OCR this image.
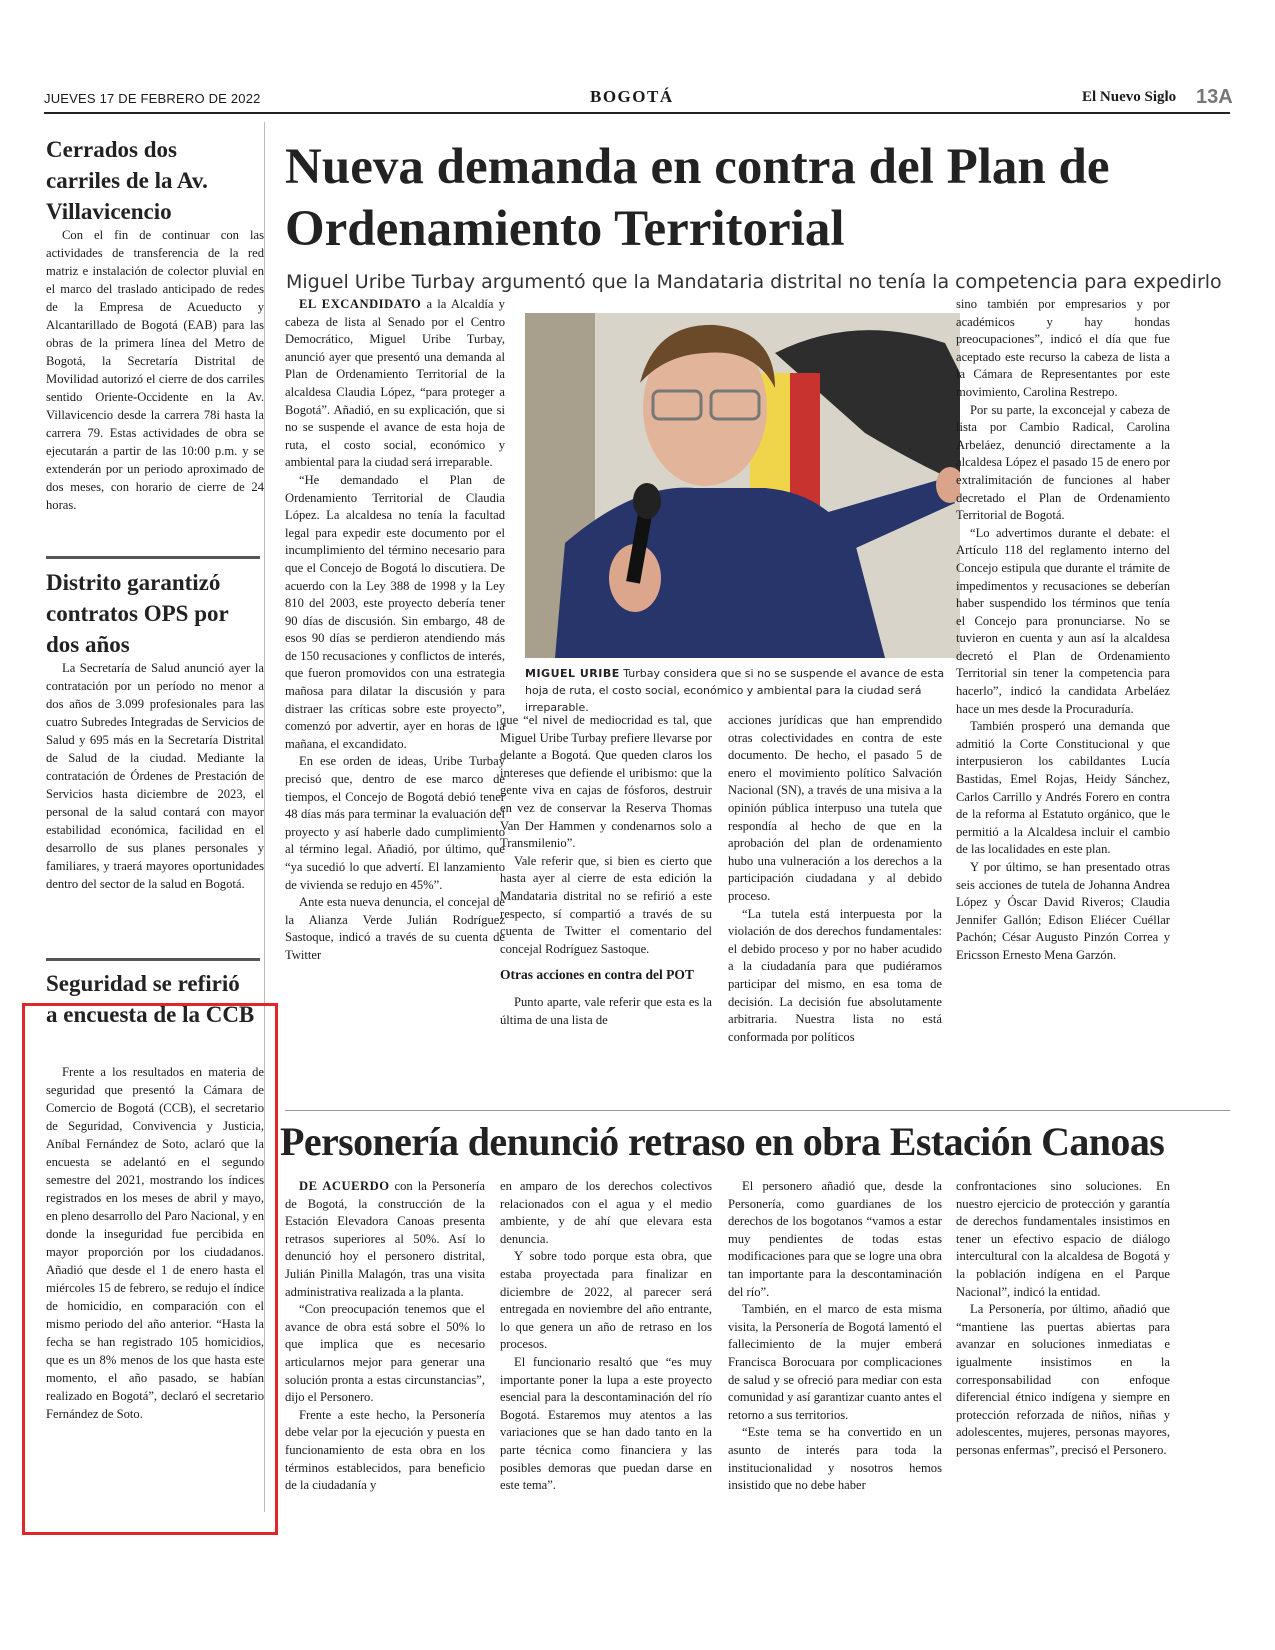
JUEVES 17 DE FEBRERO DE 2022	BOGOTÁ	El Nuevo Siglo 13A
Cerrados dos carriles de la Av. Villavicencio
Con el fin de continuar con las actividades de transferencia de la red matriz e instalación de colector pluvial en el marco del traslado anticipado de redes de la Empresa de Acueducto y Alcantarillado de Bogotá (EAB) para las obras de la primera línea del Metro de Bogotá, la Secretaría Distrital de Movilidad autorizó el cierre de dos carriles sentido Oriente-Occidente en la Av. Villavicencio desde la carrera 78i hasta la carrera 79. Estas actividades de obra se ejecutarán a partir de las 10:00 p.m. y se extenderán por un periodo aproximado de dos meses, con horario de cierre de 24 horas.
Distrito garantizó contratos OPS por dos años
La Secretaría de Salud anunció ayer la contratación por un período no menor a dos años de 3.099 profesionales para las cuatro Subredes Integradas de Servicios de Salud y 695 más en la Secretaría Distrital de Salud de la ciudad. Mediante la contratación de Órdenes de Prestación de Servicios hasta diciembre de 2023, el personal de la salud contará con mayor estabilidad económica, facilidad en el desarrollo de sus planes personales y familiares, y traerá mayores oportunidades dentro del sector de la salud en Bogotá.
Seguridad se refirió a encuesta de la CCB
Frente a los resultados en materia de seguridad que presentó la Cámara de Comercio de Bogotá (CCB), el secretario de Seguridad, Convivencia y Justicia, Aníbal Fernández de Soto, aclaró que la encuesta se adelantó en el segundo semestre del 2021, mostrando los índices registrados en los meses de abril y mayo, en pleno desarrollo del Paro Nacional, y en donde la inseguridad fue percibida en mayor proporción por los ciudadanos. Añadió que desde el 1 de enero hasta el miércoles 15 de febrero, se redujo el índice de homicidio, en comparación con el mismo periodo del año anterior. “Hasta la fecha se han registrado 105 homicidios, que es un 8% menos de los que hasta este momento, el año pasado, se habían realizado en Bogotá”, declaró el secretario Fernández de Soto.
Nueva demanda en contra del Plan de Ordenamiento Territorial
Miguel Uribe Turbay argumentó que la Mandataria distrital no tenía la competencia para expedirlo

EL EXCANDIDATO a la Alcaldía y cabeza de lista al Senado por el Centro Democrático, Miguel Uribe Turbay, anunció ayer que presentó una demanda al Plan de Ordenamiento Territorial de la alcaldesa Claudia López, “para proteger a Bogotá”. Añadió, en su explicación, que si no se suspende el avance de esta hoja de ruta, el costo social, económico y ambiental para la ciudad será irreparable.

“He demandado el Plan de Ordenamiento Territorial de Claudia López. La alcaldesa no tenía la facultad legal para expedir este documento por el incumplimiento del término necesario para que el Concejo de Bogotá lo discutiera. De acuerdo con la Ley 388 de 1998 y la Ley 810 del 2003, este proyecto debería tener 90 días de discusión. Sin embargo, 48 de esos 90 días se perdieron atendiendo más de 150 recusaciones y conflictos de interés, que fueron promovidos con una estrategia mañosa para dilatar la discusión y para distraer las críticas sobre este proyecto”, comenzó por advertir, ayer en horas de la mañana, el excandidato.

En ese orden de ideas, Uribe Turbay precisó que, dentro de ese marco de tiempos, el Concejo de Bogotá debió tener 48 días más para terminar la evaluación del proyecto y así haberle dado cumplimiento al término legal. Añadió, por último, que “ya sucedió lo que advertí. El lanzamiento de vivienda se redujo en 45%”.

Ante esta nueva denuncia, el concejal de la Alianza Verde Julián Rodríguez Sastoque, indicó a través de su cuenta de Twitter

MIGUEL URIBE Turbay considera que si no se suspende el avance de esta hoja de ruta, el costo social, económico y ambiental para la ciudad será irreparable.

que “el nivel de mediocridad es tal, que Miguel Uribe Turbay prefiere llevarse por delante a Bogotá. Que queden claros los intereses que defiende el uribismo: que la gente viva en cajas de fósforos, destruir en vez de conservar la Reserva Thomas Van Der Hammen y condenarnos solo a Transmilenio”.

Vale referir que, si bien es cierto que hasta ayer al cierre de esta edición la Mandataria distrital no se refirió a este respecto, sí compartió a través de su cuenta de Twitter el comentario del concejal Rodríguez Sastoque.

Otras acciones en contra del POT

Punto aparte, vale referir que esta es la última de una lista de

acciones jurídicas que han emprendido otras colectividades en contra de este documento. De hecho, el pasado 5 de enero el movimiento político Salvación Nacional (SN), a través de una misiva a la opinión pública interpuso una tutela que respondía al hecho de que en la aprobación del plan de ordenamiento hubo una vulneración a los derechos a la participación ciudadana y al debido proceso.

“La tutela está interpuesta por la violación de dos derechos fundamentales: el debido proceso y por no haber acudido a la ciudadanía para que pudiéramos participar del mismo, en esa toma de decisión. La decisión fue absolutamente arbitraria. Nuestra lista no está conformada por políticos

sino también por empresarios y por académicos y hay hondas preocupaciones”, indicó el día que fue aceptado este recurso la cabeza de lista a la Cámara de Representantes por este movimiento, Carolina Restrepo.

Por su parte, la exconcejal y cabeza de lista por Cambio Radical, Carolina Arbeláez, denunció directamente a la alcaldesa López el pasado 15 de enero por extralimitación de funciones al haber decretado el Plan de Ordenamiento Territorial de Bogotá.

“Lo advertimos durante el debate: el Artículo 118 del reglamento interno del Concejo estipula que durante el trámite de impedimentos y recusaciones se deberían haber suspendido los términos que tenía el Concejo para pronunciarse. No se tuvieron en cuenta y aun así la alcaldesa decretó el Plan de Ordenamiento Territorial sin tener la competencia para hacerlo”, indicó la candidata Arbeláez hace un mes desde la Procuraduría.

También prosperó una demanda que admitió la Corte Constitucional y que interpusieron los cabildantes Lucía Bastidas, Emel Rojas, Heidy Sánchez, Carlos Carrillo y Andrés Forero en contra de la reforma al Estatuto orgánico, que le permitió a la Alcaldesa incluir el cambio de las localidades en este plan.

Y por último, se han presentado otras seis acciones de tutela de Johanna Andrea López y Óscar David Riveros; Claudia Jennifer Gallón; Edison Eliécer Cuéllar Pachón; César Augusto Pinzón Correa y Ericsson Ernesto Mena Garzón.

Personería denunció retraso en obra Estación Canoas

DE ACUERDO con la Personería de Bogotá, la construcción de la Estación Elevadora Canoas presenta retrasos superiores al 50%. Así lo denunció hoy el personero distrital, Julián Pinilla Malagón, tras una visita administrativa realizada a la planta.

“Con preocupación tenemos que el avance de obra está sobre el 50% lo que implica que es necesario articularnos mejor para generar una solución pronta a estas circunstancias”, dijo el Personero.

Frente a este hecho, la Personería debe velar por la ejecución y puesta en funcionamiento de esta obra en los términos establecidos, para beneficio de la ciudadanía y

en amparo de los derechos colectivos relacionados con el agua y el medio ambiente, y de ahí que elevara esta denuncia.

Y sobre todo porque esta obra, que estaba proyectada para finalizar en diciembre de 2022, al parecer será entregada en noviembre del año entrante, lo que genera un año de retraso en los procesos.

El funcionario resaltó que “es muy importante poner la lupa a este proyecto esencial para la descontaminación del río Bogotá. Estaremos muy atentos a las variaciones que se han dado tanto en la parte técnica como financiera y las posibles demoras que puedan darse en este tema”.

El personero añadió que, desde la Personería, como guardianes de los derechos de los bogotanos “vamos a estar muy pendientes de todas estas modificaciones para que se logre una obra tan importante para la descontaminación del río”.

También, en el marco de esta misma visita, la Personería de Bogotá lamentó el fallecimiento de la mujer emberá Francisca Borocuara por complicaciones de salud y se ofreció para mediar con esta comunidad y así garantizar cuanto antes el retorno a sus territorios.

“Este tema se ha convertido en un asunto de interés para toda la institucionalidad y nosotros hemos insistido que no debe haber

confrontaciones sino soluciones. En nuestro ejercicio de protección y garantía de derechos fundamentales insistimos en tener un efectivo espacio de diálogo intercultural con la alcaldesa de Bogotá y la población indígena en el Parque Nacional”, indicó la entidad.

La Personería, por último, añadió que “mantiene las puertas abiertas para avanzar en soluciones inmediatas e igualmente insistimos en la corresponsabilidad con enfoque diferencial étnico indígena y siempre en protección reforzada de niños, niñas y adolescentes, mujeres, personas mayores, personas enfermas”, precisó el Personero.
